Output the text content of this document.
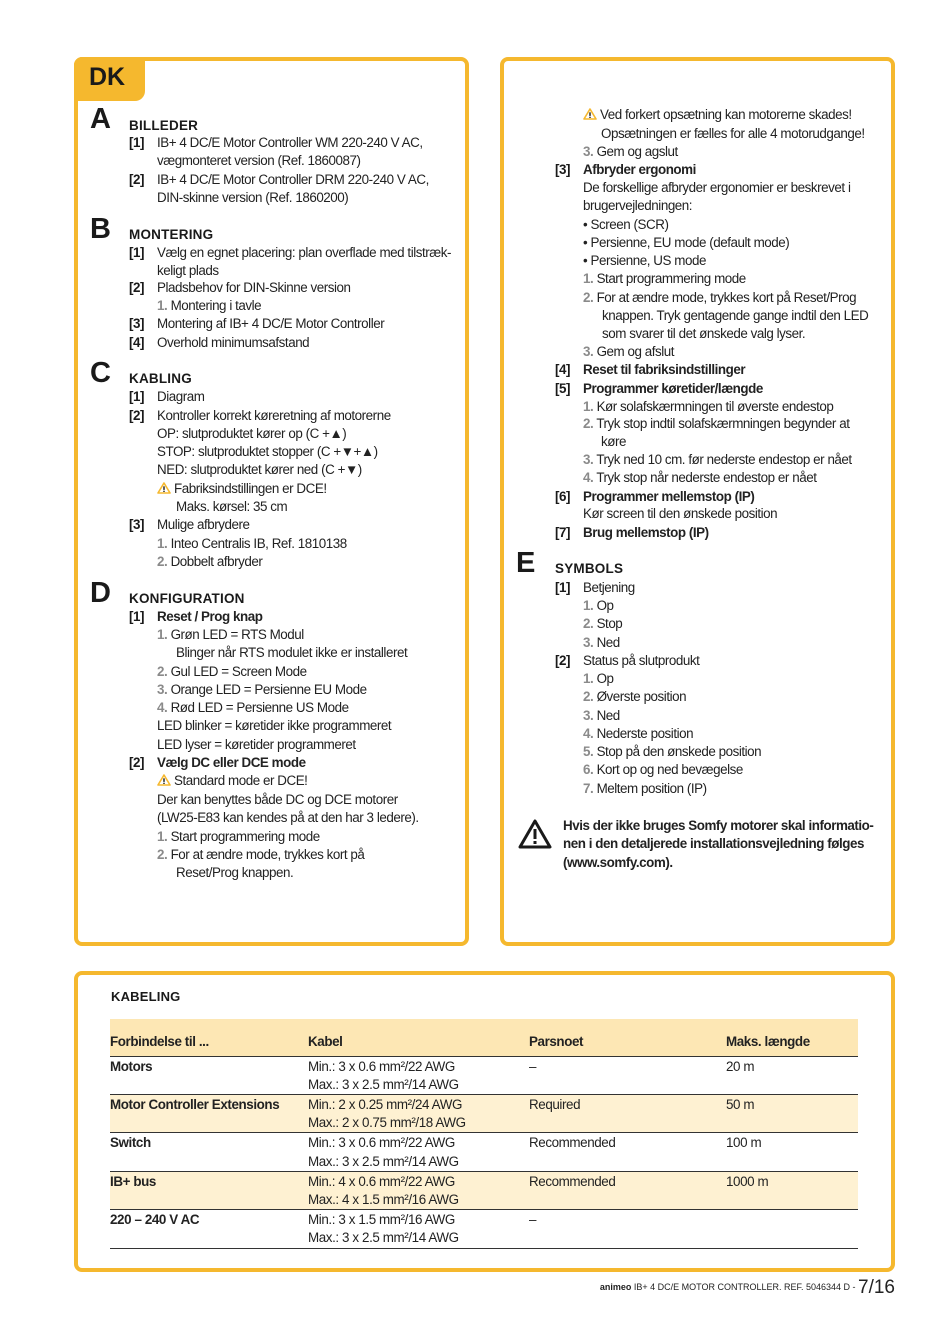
DK
A BILLEDER
B MONTERING
C KABLING
D KONFIGURATION
E SYMBOLS
[1] IB+ 4 DC/E Motor Controller WM 220-240 V AC,
vægmonteret version (Ref. 1860087)
[2] IB+ 4 DC/E Motor Controller DRM 220-240 V AC,
DIN-skinne version (Ref. 1860200)
[1] Vælg en egnet placering: plan overflade med tilstræk-
keligt plads
[2] Pladsbehov for DIN-Skinne version
1. Montering i tavle
[3] Montering af IB+ 4 DC/E Motor Controller
[4] Overhold minimumsafstand
[1] Diagram
[2] Kontroller korrekt køreretning af motorerne
OP: slutproduktet kører op (C +▲)
STOP: slutproduktet stopper (C +▼+▲)
NED: slutproduktet kører ned (C +▼)
Fabriksindstillingen er DCE!
Maks. kørsel: 35 cm
[3] Mulige afbrydere
1. Inteo Centralis IB, Ref. 1810138
2. Dobbelt afbryder
[1] Reset / Prog knap
1. Grøn LED = RTS Modul
Blinger når RTS modulet ikke er installeret
2. Gul LED = Screen Mode
3. Orange LED = Persienne EU Mode
4. Rød LED = Persienne US Mode
LED blinker = køretider ikke programmeret
LED lyser = køretider programmeret
[2] Vælg DC eller DCE mode
Standard mode er DCE!
Der kan benyttes både DC og DCE motorer
(LW25-E83 kan kendes på at den har 3 ledere).
1. Start programmering mode
2. For at ændre mode, trykkes kort på
Reset/Prog knappen.
Ved forkert opsætning kan motorerne skades!
Opsætningen er fælles for alle 4 motorudgange!
3. Gem og agslut
[3] Afbryder ergonomi
De forskellige afbryder ergonomier er beskrevet i
brugervejledningen:
• Screen (SCR)
• Persienne, EU mode (default mode)
• Persienne, US mode
1. Start programmering mode
2. For at ændre mode, trykkes kort på Reset/Prog
knappen. Tryk gentagende gange indtil den LED
som svarer til det ønskede valg lyser.
3. Gem og afslut
[4] Reset til fabriksindstillinger
[5] Programmer køretider/længde
1. Kør solafskærmningen til øverste endestop
2. Tryk stop indtil solafskærmningen begynder at
køre
3. Tryk ned 10 cm. før nederste endestop er nået
4. Tryk stop når nederste endestop er nået
[6] Programmer mellemstop (IP)
Kør screen til den ønskede position
[7] Brug mellemstop (IP)
[1] Betjening
1. Op
2. Stop
3. Ned
[2] Status på slutprodukt
1. Op
2. Øverste position
3. Ned
4. Nederste position
5. Stop på den ønskede position
6. Kort op og ned bevægelse
7. Meltem position (IP)
Hvis der ikke bruges Somfy motorer skal informatio-
nen i den detaljerede installationsvejledning følges
(www.somfy.com).
KABELING
Forbindelse til ...	Kabel	Parsnoet	Maks. længde
Motors	Min.: 3 x 0.6 mm²/22 AWG
Max.: 3 x 2.5 mm²/14 AWG	–	20 m
Motor Controller Extensions	Min.: 2 x 0.25 mm²/24 AWG
Max.: 2 x 0.75 mm²/18 AWG	Required	50 m
Switch	Min.: 3 x 0.6 mm²/22 AWG
Max.: 3 x 2.5 mm²/14 AWG	Recommended	100 m
IB+ bus	Min.: 4 x 0.6 mm²/22 AWG
Max.: 4 x 1.5 mm²/16 AWG	Recommended	1000 m
220 – 240 V AC	Min.: 3 x 1.5 mm²/16 AWG
Max.: 3 x 2.5 mm²/14 AWG	–	
animeo IB+ 4 DC/E MOTOR CONTROLLER. REF. 5046344 D - 7/16
